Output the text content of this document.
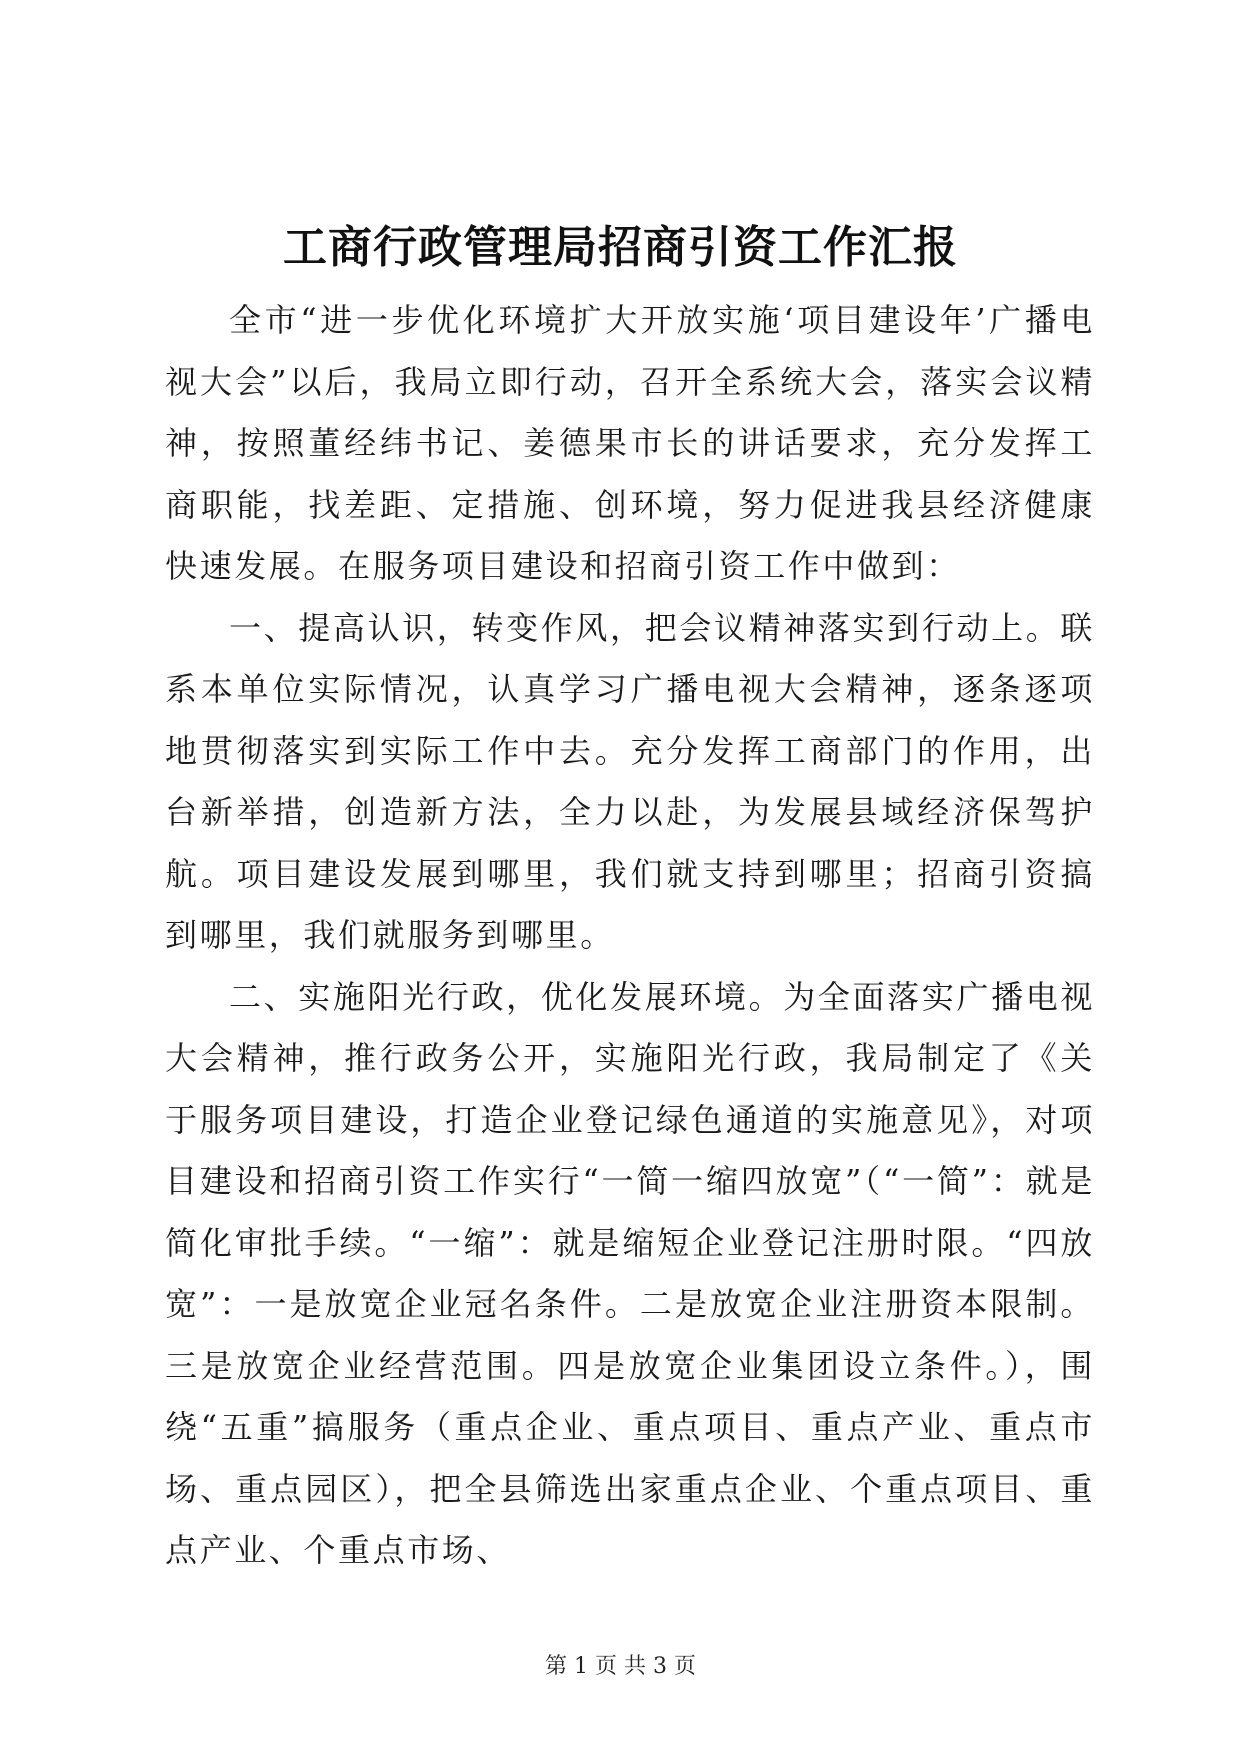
工商行政管理局招商引资工作汇报

全市“进一步优化环境扩大开放实施‘项目建设年’广播电视大会”以后，我局立即行动，召开全系统大会，落实会议精神，按照董经纬书记、姜德果市长的讲话要求，充分发挥工商职能，找差距、定措施、创环境，努力促进我县经济健康快速发展。在服务项目建设和招商引资工作中做到：

一、提高认识，转变作风，把会议精神落实到行动上。联系本单位实际情况，认真学习广播电视大会精神，逐条逐项地贯彻落实到实际工作中去。充分发挥工商部门的作用，出台新举措，创造新方法，全力以赴，为发展县域经济保驾护航。项目建设发展到哪里，我们就支持到哪里；招商引资搞到哪里，我们就服务到哪里。

二、实施阳光行政，优化发展环境。为全面落实广播电视大会精神，推行政务公开，实施阳光行政，我局制定了《关于服务项目建设，打造企业登记绿色通道的实施意见》，对项目建设和招商引资工作实行“一简一缩四放宽”（“一简”：就是简化审批手续。“一缩”：就是缩短企业登记注册时限。“四放宽”：一是放宽企业冠名条件。二是放宽企业注册资本限制。三是放宽企业经营范围。四是放宽企业集团设立条件。），围绕“五重”搞服务（重点企业、重点项目、重点产业、重点市场、重点园区），把全县筛选出家重点企业、个重点项目、重点产业、个重点市场、

第 1 页 共 3 页
